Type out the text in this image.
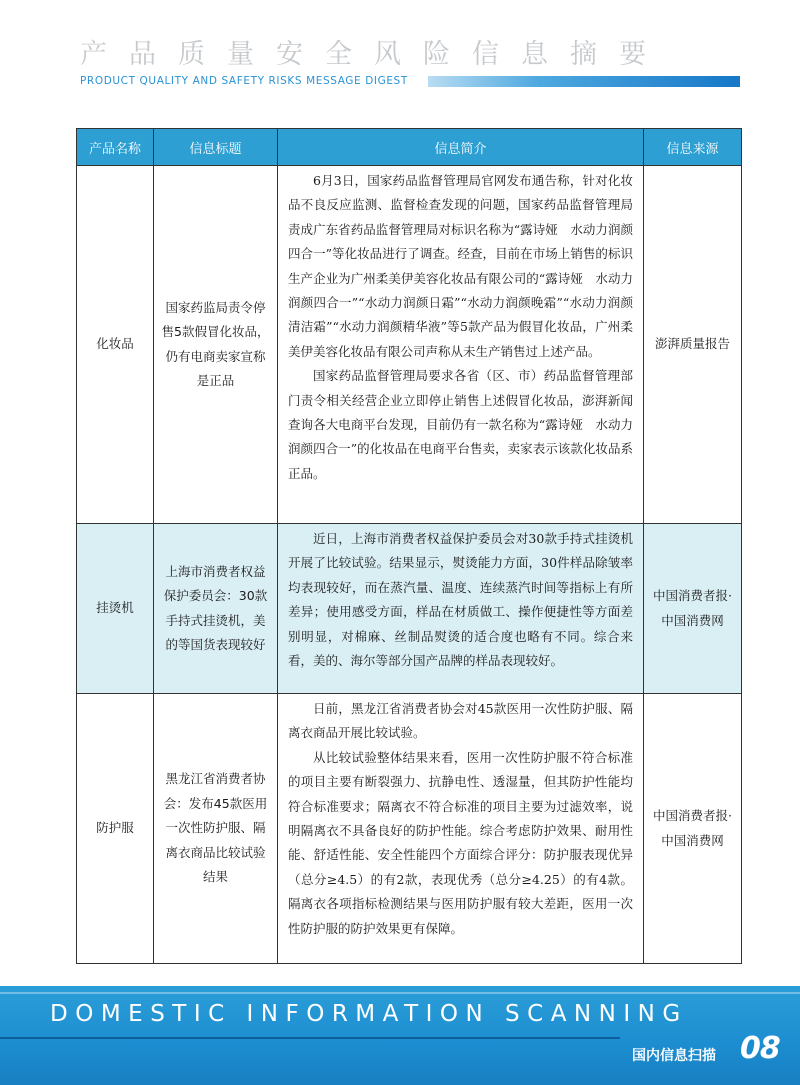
产品质量安全风险信息摘要
PRODUCT QUALITY AND SAFETY RISKS MESSAGE DIGEST
产品名称	信息标题	信息简介	信息来源
化妆品	国家药监局责令停售5款假冒化妆品，仍有电商卖家宣称是正品	6月3日，国家药品监督管理局官网发布通告称，针对化妆品不良反应监测、监督检查发现的问题，国家药品监督管理局责成广东省药品监督管理局对标识名称为“露诗娅　水动力润颜四合一”等化妆品进行了调查。经查，目前在市场上销售的标识生产企业为广州柔美伊美容化妆品有限公司的“露诗娅　水动力润颜四合一”“水动力润颜日霜”“水动力润颜晚霜”“水动力润颜清洁霜”“水动力润颜精华液”等5款产品为假冒化妆品，广州柔美伊美容化妆品有限公司声称从未生产销售过上述产品。

国家药品监督管理局要求各省（区、市）药品监督管理部门责令相关经营企业立即停止销售上述假冒化妆品，澎湃新闻查询各大电商平台发现，目前仍有一款名称为“露诗娅　水动力润颜四合一”的化妆品在电商平台售卖，卖家表示该款化妆品系正品。	澎湃质量报告
挂烫机	上海市消费者权益保护委员会：30款手持式挂烫机，美的等国货表现较好	近日，上海市消费者权益保护委员会对30款手持式挂烫机开展了比较试验。结果显示，熨烫能力方面，30件样品除皱率均表现较好，而在蒸汽量、温度、连续蒸汽时间等指标上有所差异；使用感受方面，样品在材质做工、操作便捷性等方面差别明显，对棉麻、丝制品熨烫的适合度也略有不同。综合来看，美的、海尔等部分国产品牌的样品表现较好。	中国消费者报·中国消费网
防护服	黑龙江省消费者协会：发布45款医用一次性防护服、隔离衣商品比较试验结果	日前，黑龙江省消费者协会对45款医用一次性防护服、隔离衣商品开展比较试验。

从比较试验整体结果来看，医用一次性防护服不符合标准的项目主要有断裂强力、抗静电性、透湿量，但其防护性能均符合标准要求；隔离衣不符合标准的项目主要为过滤效率，说明隔离衣不具备良好的防护性能。综合考虑防护效果、耐用性能、舒适性能、安全性能四个方面综合评分：防护服表现优异（总分≥4.5）的有2款，表现优秀（总分≥4.25）的有4款。隔离衣各项指标检测结果与医用防护服有较大差距，医用一次性防护服的防护效果更有保障。	中国消费者报·中国消费网
DOMESTIC INFORMATION SCANNING
国内信息扫描 08
